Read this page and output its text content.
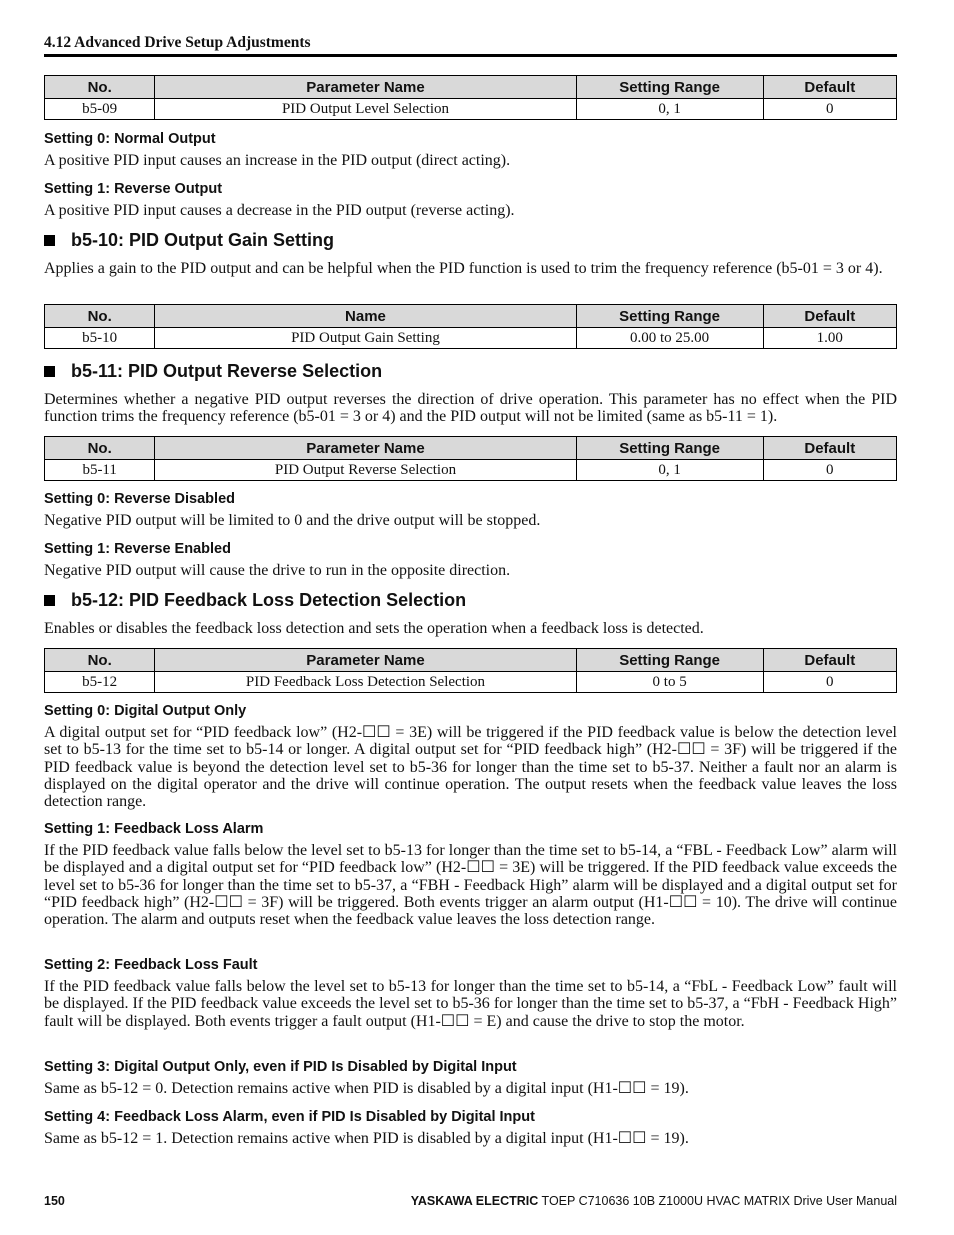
4.12 Advanced Drive Setup Adjustments
No.	Parameter Name	Setting Range	Default
b5-09	PID Output Level Selection	0, 1	0
Setting 0: Normal Output
A positive PID input causes an increase in the PID output (direct acting).
Setting 1: Reverse Output
A positive PID input causes a decrease in the PID output (reverse acting).
b5-10: PID Output Gain Setting
Applies a gain to the PID output and can be helpful when the PID function is used to trim the frequency reference (b5-01 = 3 or 4).
No.	Name	Setting Range	Default
b5-10	PID Output Gain Setting	0.00 to 25.00	1.00
b5-11: PID Output Reverse Selection
Determines whether a negative PID output reverses the direction of drive operation. This parameter has no effect when the PID function trims the frequency reference (b5-01 = 3 or 4) and the PID output will not be limited (same as b5-11 = 1).
No.	Parameter Name	Setting Range	Default
b5-11	PID Output Reverse Selection	0, 1	0
Setting 0: Reverse Disabled
Negative PID output will be limited to 0 and the drive output will be stopped.
Setting 1: Reverse Enabled
Negative PID output will cause the drive to run in the opposite direction.
b5-12: PID Feedback Loss Detection Selection
Enables or disables the feedback loss detection and sets the operation when a feedback loss is detected.
No.	Parameter Name	Setting Range	Default
b5-12	PID Feedback Loss Detection Selection	0 to 5	0
Setting 0: Digital Output Only
A digital output set for “PID feedback low” (H2-☐☐ = 3E) will be triggered if the PID feedback value is below the detection level set to b5-13 for the time set to b5-14 or longer. A digital output set for “PID feedback high” (H2-☐☐ = 3F) will be triggered if the PID feedback value is beyond the detection level set to b5-36 for longer than the time set to b5-37. Neither a fault nor an alarm is displayed on the digital operator and the drive will continue operation. The output resets when the feedback value leaves the loss detection range.
Setting 1: Feedback Loss Alarm
If the PID feedback value falls below the level set to b5-13 for longer than the time set to b5-14, a “FBL - Feedback Low” alarm will be displayed and a digital output set for “PID feedback low” (H2-☐☐ = 3E) will be triggered. If the PID feedback value exceeds the level set to b5-36 for longer than the time set to b5-37, a “FBH - Feedback High” alarm will be displayed and a digital output set for “PID feedback high” (H2-☐☐ = 3F) will be triggered. Both events trigger an alarm output (H1-☐☐ = 10). The drive will continue operation. The alarm and outputs reset when the feedback value leaves the loss detection range.
Setting 2: Feedback Loss Fault
If the PID feedback value falls below the level set to b5-13 for longer than the time set to b5-14, a “FbL - Feedback Low” fault will be displayed. If the PID feedback value exceeds the level set to b5-36 for longer than the time set to b5-37, a “FbH - Feedback High” fault will be displayed. Both events trigger a fault output (H1-☐☐ = E) and cause the drive to stop the motor.
Setting 3: Digital Output Only, even if PID Is Disabled by Digital Input
Same as b5-12 = 0. Detection remains active when PID is disabled by a digital input (H1-☐☐ = 19).
Setting 4: Feedback Loss Alarm, even if PID Is Disabled by Digital Input
Same as b5-12 = 1. Detection remains active when PID is disabled by a digital input (H1-☐☐ = 19).
150	YASKAWA ELECTRIC TOEP C710636 10B Z1000U HVAC MATRIX Drive User Manual
